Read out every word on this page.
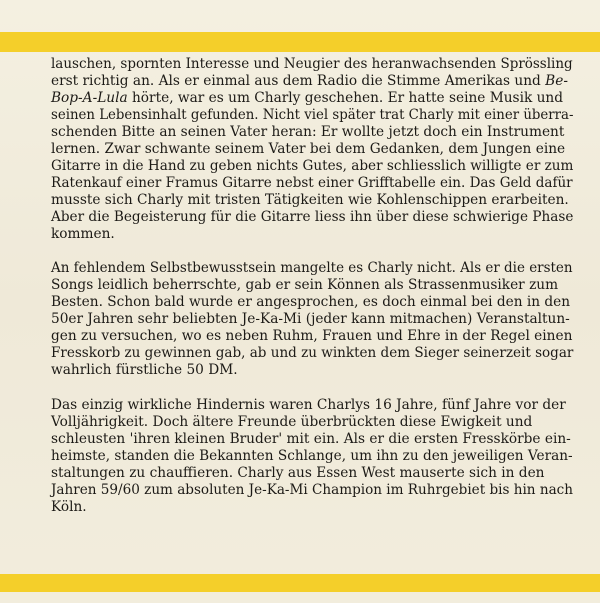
lauschen, spornten Interesse und Neugier des heranwachsenden Sprössling
erst richtig an. Als er einmal aus dem Radio die Stimme Amerikas und Be-
Bop-A-Lula hörte, war es um Charly geschehen. Er hatte seine Musik und
seinen Lebensinhalt gefunden. Nicht viel später trat Charly mit einer überra-
schenden Bitte an seinen Vater heran: Er wollte jetzt doch ein Instrument
lernen. Zwar schwante seinem Vater bei dem Gedanken, dem Jungen eine
Gitarre in die Hand zu geben nichts Gutes, aber schliesslich willigte er zum
Ratenkauf einer Framus Gitarre nebst einer Grifftabelle ein. Das Geld dafür
musste sich Charly mit tristen Tätigkeiten wie Kohlenschippen erarbeiten.
Aber die Begeisterung für die Gitarre liess ihn über diese schwierige Phase
kommen.

An fehlendem Selbstbewusstsein mangelte es Charly nicht. Als er die ersten
Songs leidlich beherrschte, gab er sein Können als Strassenmusiker zum
Besten. Schon bald wurde er angesprochen, es doch einmal bei den in den
50er Jahren sehr beliebten Je-Ka-Mi (jeder kann mitmachen) Veranstaltun-
gen zu versuchen, wo es neben Ruhm, Frauen und Ehre in der Regel einen
Fresskorb zu gewinnen gab, ab und zu winkten dem Sieger seinerzeit sogar
wahrlich fürstliche 50 DM.

Das einzig wirkliche Hindernis waren Charlys 16 Jahre, fünf Jahre vor der
Volljährigkeit. Doch ältere Freunde überbrückten diese Ewigkeit und
schleusten 'ihren kleinen Bruder' mit ein. Als er die ersten Fresskörbe ein-
heimste, standen die Bekannten Schlange, um ihn zu den jeweiligen Veran-
staltungen zu chauffieren. Charly aus Essen West mauserte sich in den
Jahren 59/60 zum absoluten Je-Ka-Mi Champion im Ruhrgebiet bis hin nach
Köln.
